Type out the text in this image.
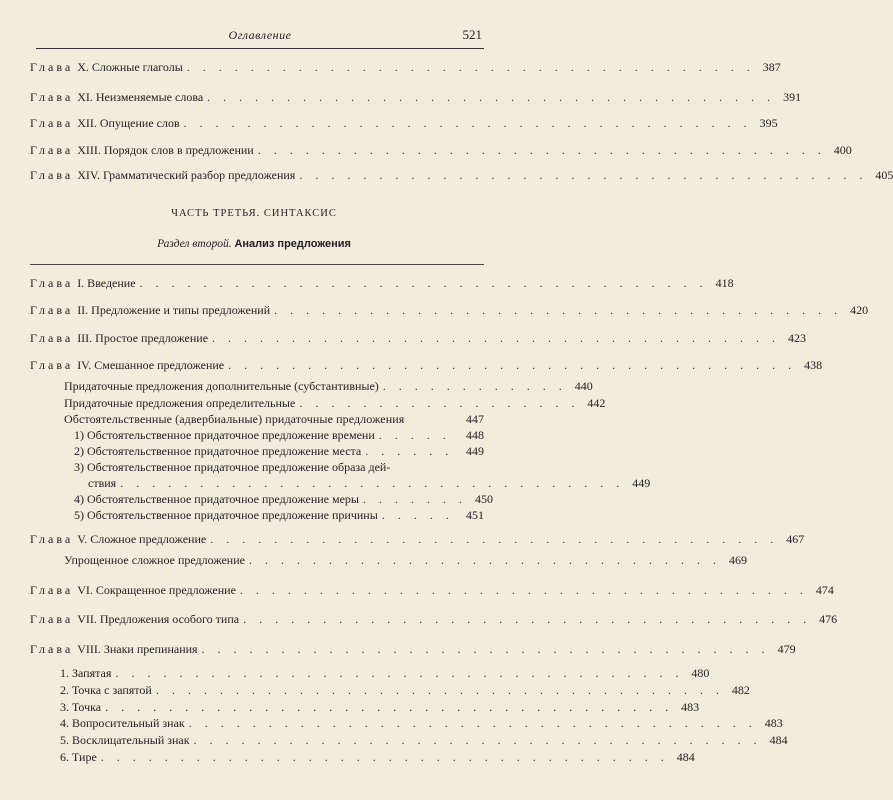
Оглавление	521
Глава X. Сложные глаголы . . . . . . . . . . . . . . . . . . . . . . . . . . . . . . . . . . . . 387
Глава XI. Неизменяемые слова . . . . . . . . . . . . . . . . . . . . . . . . . . . . . . . . . . . . 391
Глава XII. Опущение слов . . . . . . . . . . . . . . . . . . . . . . . . . . . . . . . . . . . . 395
Глава XIII. Порядок слов в предложении . . . . . . . . . . . . . . . . . . . . . . . . . . . . . . . . . . . . 400
Глава XIV. Грамматический разбор предложения . . . . . . . . . . . . . . . . . . . . . . . . . . . . . . . . . . . . 405
ЧАСТЬ ТРЕТЬЯ. СИНТАКСИС
Раздел второй. Анализ предложения
Глава I. Введение . . . . . . . . . . . . . . . . . . . . . . . . . . . . . . . . . . . . 418
Глава II. Предложение и типы предложений . . . . . . . . . . . . . . . . . . . . . . . . . . . . . . . . . . . . 420
Глава III. Простое предложение . . . . . . . . . . . . . . . . . . . . . . . . . . . . . . . . . . . . 423
Глава IV. Смешанное предложение . . . . . . . . . . . . . . . . . . . . . . . . . . . . . . . . . . . . 438
Придаточные предложения дополнительные (субстантивные) . . . . . . . . . . . . 440
Придаточные предложения определительные . . . . . . . . . . . . . . . . . . 442
Обстоятельственные (адвербиальные) придаточные предложения	447
1) Обстоятельственное придаточное предложение времени . . . . .	448
2) Обстоятельственное придаточное предложение места . . . . . .	449
3) Обстоятельственное придаточное предложение образа дей-
ствия . . . . . . . . . . . . . . . . . . . . . . . . . . . . . . . . 449
4) Обстоятельственное придаточное предложение меры . . . . . . . 450
5) Обстоятельственное придаточное предложение причины . . . . .	451
Глава V. Сложное предложение . . . . . . . . . . . . . . . . . . . . . . . . . . . . . . . . . . . . 467
Упрощенное сложное предложение . . . . . . . . . . . . . . . . . . . . . . . . . . . . . . 469
Глава VI. Сокращенное предложение . . . . . . . . . . . . . . . . . . . . . . . . . . . . . . . . . . . . 474
Глава VII. Предложения особого типа . . . . . . . . . . . . . . . . . . . . . . . . . . . . . . . . . . . . 476
Глава VIII. Знаки препинания . . . . . . . . . . . . . . . . . . . . . . . . . . . . . . . . . . . . 479
1. Запятая . . . . . . . . . . . . . . . . . . . . . . . . . . . . . . . . . . . . 480
2. Точка с запятой . . . . . . . . . . . . . . . . . . . . . . . . . . . . . . . . . . . . 482
3. Точка . . . . . . . . . . . . . . . . . . . . . . . . . . . . . . . . . . . . 483
4. Вопросительный знак . . . . . . . . . . . . . . . . . . . . . . . . . . . . . . . . . . . . 483
5. Восклицательный знак . . . . . . . . . . . . . . . . . . . . . . . . . . . . . . . . . . . . 484
6. Тире . . . . . . . . . . . . . . . . . . . . . . . . . . . . . . . . . . . . 484
